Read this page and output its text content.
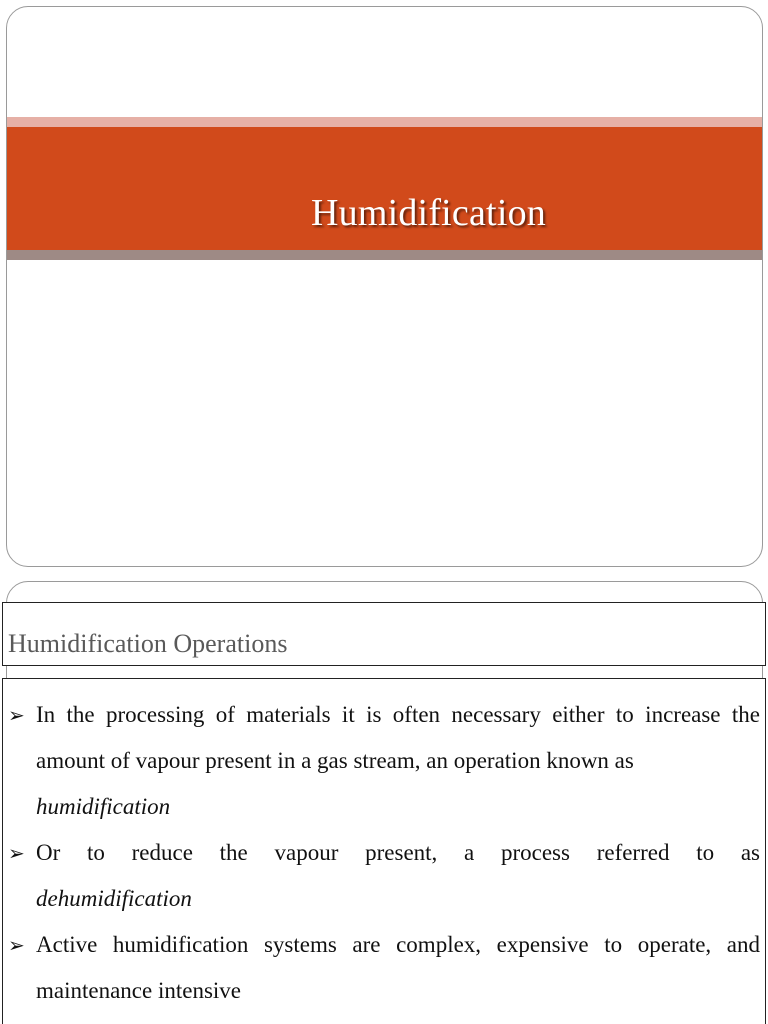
Humidification
Humidification Operations
➢ In the processing of materials it is often necessary either to increase the amount of vapour present in a gas stream, an operation known as
humidification
➢ Or to reduce the vapour present, a process referred to as
dehumidification
➢ Active humidification systems are complex, expensive to operate, and maintenance intensive
